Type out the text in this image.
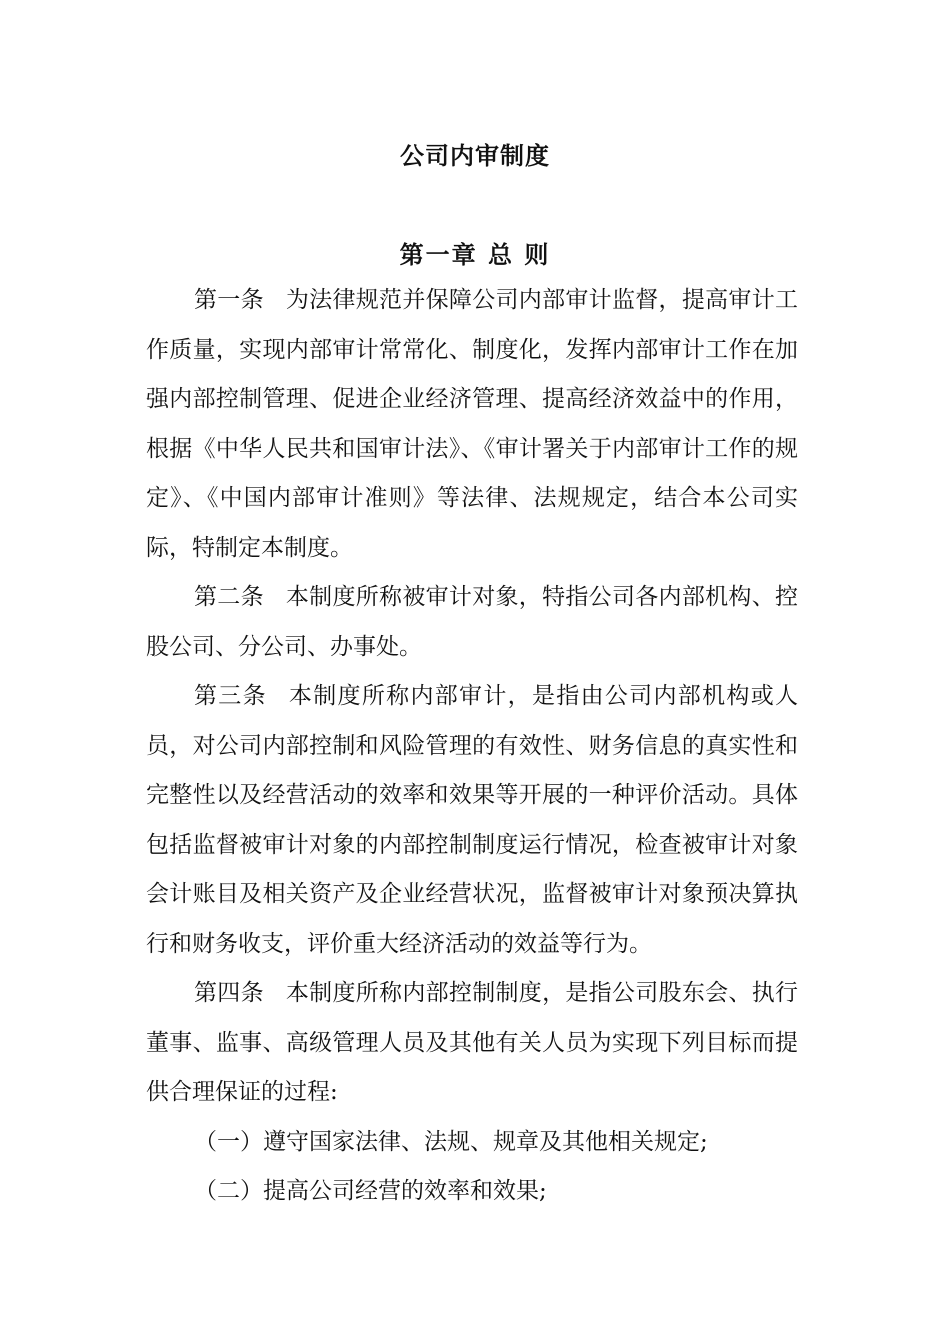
公司内审制度
第一章 总 则

第一条 为法律规范并保障公司内部审计监督，提高审计工作质量，实现内部审计常常化、制度化，发挥内部审计工作在加强内部控制管理、促进企业经济管理、提高经济效益中的作用，根据《中华人民共和国审计法》、《审计署关于内部审计工作的规定》、《中国内部审计准则》等法律、法规规定，结合本公司实际，特制定本制度。

第二条 本制度所称被审计对象，特指公司各内部机构、控股公司、分公司、办事处。

第三条 本制度所称内部审计，是指由公司内部机构或人员，对公司内部控制和风险管理的有效性、财务信息的真实性和完整性以及经营活动的效率和效果等开展的一种评价活动。具体包括监督被审计对象的内部控制制度运行情况，检查被审计对象会计账目及相关资产及企业经营状况，监督被审计对象预决算执行和财务收支，评价重大经济活动的效益等行为。

第四条 本制度所称内部控制制度，是指公司股东会、执行董事、监事、高级管理人员及其他有关人员为实现下列目标而提供合理保证的过程:

（一）遵守国家法律、法规、规章及其他相关规定;

（二）提高公司经营的效率和效果;
